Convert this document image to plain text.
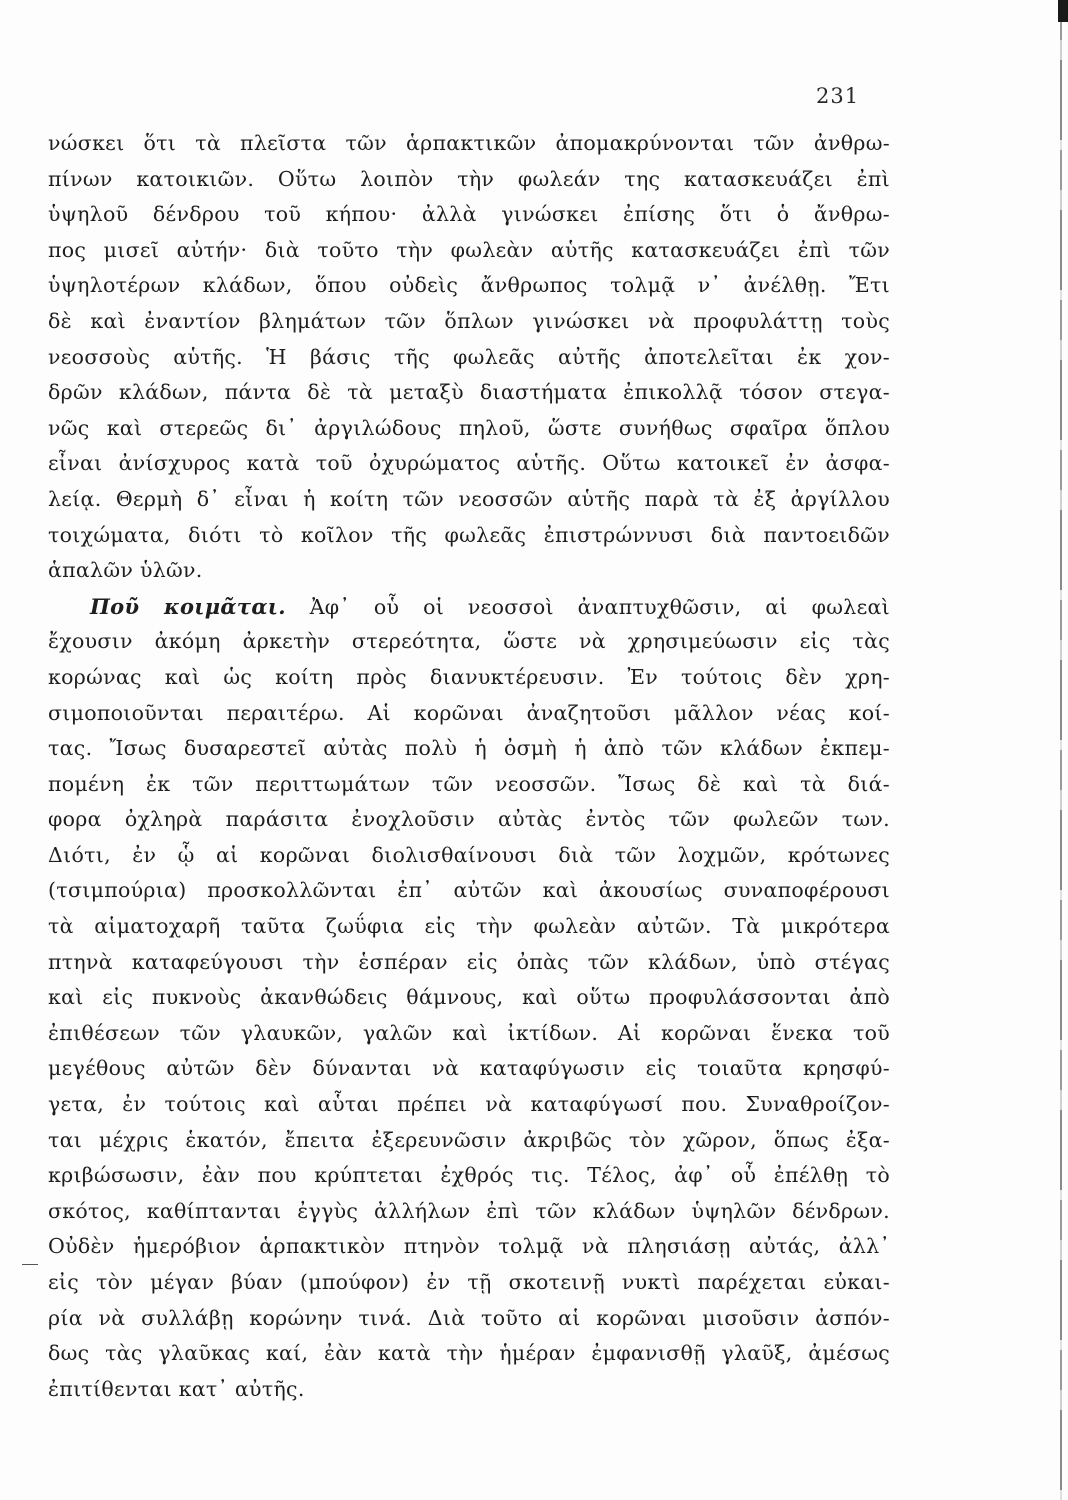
231
νώσκει ὅτι τὰ πλεῖστα τῶν ἁρπακτικῶν ἀπομακρύνονται τῶν ἀνθρω-
πίνων κατοικιῶν. Οὕτω λοιπὸν τὴν φωλεάν της κατασκευάζει ἐπὶ
ὑψηλοῦ δένδρου τοῦ κήπου· ἀλλὰ γινώσκει ἐπίσης ὅτι ὁ ἄνθρω-
πος μισεῖ αὐτήν· διὰ τοῦτο τὴν φωλεὰν αὑτῆς κατασκευάζει ἐπὶ τῶν
ὑψηλοτέρων κλάδων, ὅπου οὐδεὶς ἄνθρωπος τολμᾷ ν᾽ ἀνέλθῃ. Ἔτι
δὲ καὶ ἐναντίον βλημάτων τῶν ὅπλων γινώσκει νὰ προφυλάττῃ τοὺς
νεοσσοὺς αὑτῆς. Ἡ βάσις τῆς φωλεᾶς αὐτῆς ἀποτελεῖται ἐκ χον-
δρῶν κλάδων, πάντα δὲ τὰ μεταξὺ διαστήματα ἐπικολλᾷ τόσον στεγα-
νῶς καὶ στερεῶς δι᾽ ἀργιλώδους πηλοῦ, ὥστε συνήθως σφαῖρα ὅπλου
εἶναι ἀνίσχυρος κατὰ τοῦ ὀχυρώματος αὑτῆς. Οὕτω κατοικεῖ ἐν ἀσφα-
λείᾳ. Θερμὴ δ᾽ εἶναι ἡ κοίτη τῶν νεοσσῶν αὑτῆς παρὰ τὰ ἐξ ἀργίλλου
τοιχώματα, διότι τὸ κοῖλον τῆς φωλεᾶς ἐπιστρώννυσι διὰ παντοειδῶν
ἁπαλῶν ὑλῶν.
Ποῦ κοιμᾶται. Ἀφ᾽ οὗ οἱ νεοσσοὶ ἀναπτυχθῶσιν, αἱ φωλεαὶ
ἔχουσιν ἀκόμη ἀρκετὴν στερεότητα, ὥστε νὰ χρησιμεύωσιν εἰς τὰς
κορώνας καὶ ὡς κοίτη πρὸς διανυκτέρευσιν. Ἐν τούτοις δὲν χρη-
σιμοποιοῦνται περαιτέρω. Αἱ κορῶναι ἀναζητοῦσι μᾶλλον νέας κοί-
τας. Ἴσως δυσαρεστεῖ αὐτὰς πολὺ ἡ ὀσμὴ ἡ ἀπὸ τῶν κλάδων ἐκπεμ-
πομένη ἐκ τῶν περιττωμάτων τῶν νεοσσῶν. Ἴσως δὲ καὶ τὰ διά-
φορα ὀχληρὰ παράσιτα ἐνοχλοῦσιν αὐτὰς ἐντὸς τῶν φωλεῶν των.
Διότι, ἐν ᾧ αἱ κορῶναι διολισθαίνουσι διὰ τῶν λοχμῶν, κρότωνες
(τσιμπούρια) προσκολλῶνται ἐπ᾽ αὐτῶν καὶ ἀκουσίως συναποφέρουσι
τὰ αἱματοχαρῆ ταῦτα ζωΰφια εἰς τὴν φωλεὰν αὐτῶν. Τὰ μικρότερα
πτηνὰ καταφεύγουσι τὴν ἑσπέραν εἰς ὀπὰς τῶν κλάδων, ὑπὸ στέγας
καὶ εἰς πυκνοὺς ἀκανθώδεις θάμνους, καὶ οὕτω προφυλάσσονται ἀπὸ
ἐπιθέσεων τῶν γλαυκῶν, γαλῶν καὶ ἰκτίδων. Αἱ κορῶναι ἕνεκα τοῦ
μεγέθους αὐτῶν δὲν δύνανται νὰ καταφύγωσιν εἰς τοιαῦτα κρησφύ-
γετα, ἐν τούτοις καὶ αὗται πρέπει νὰ καταφύγωσί που. Συναθροίζον-
ται μέχρις ἑκατόν, ἔπειτα ἐξερευνῶσιν ἀκριβῶς τὸν χῶρον, ὅπως ἐξα-
κριβώσωσιν, ἐὰν που κρύπτεται ἐχθρός τις. Τέλος, ἀφ᾽ οὗ ἐπέλθῃ τὸ
σκότος, καθίπτανται ἐγγὺς ἀλλήλων ἐπὶ τῶν κλάδων ὑψηλῶν δένδρων.
Οὐδὲν ἡμερόβιον ἁρπακτικὸν πτηνὸν τολμᾷ νὰ πλησιάσῃ αὐτάς, ἀλλ᾽
εἰς τὸν μέγαν βύαν (μπούφον) ἐν τῇ σκοτεινῇ νυκτὶ παρέχεται εὐκαι-
ρία νὰ συλλάβῃ κορώνην τινά. Διὰ τοῦτο αἱ κορῶναι μισοῦσιν ἀσπόν-
δως τὰς γλαῦκας καί, ἐὰν κατὰ τὴν ἡμέραν ἐμφανισθῇ γλαῦξ, ἀμέσως
ἐπιτίθενται κατ᾽ αὐτῆς.
